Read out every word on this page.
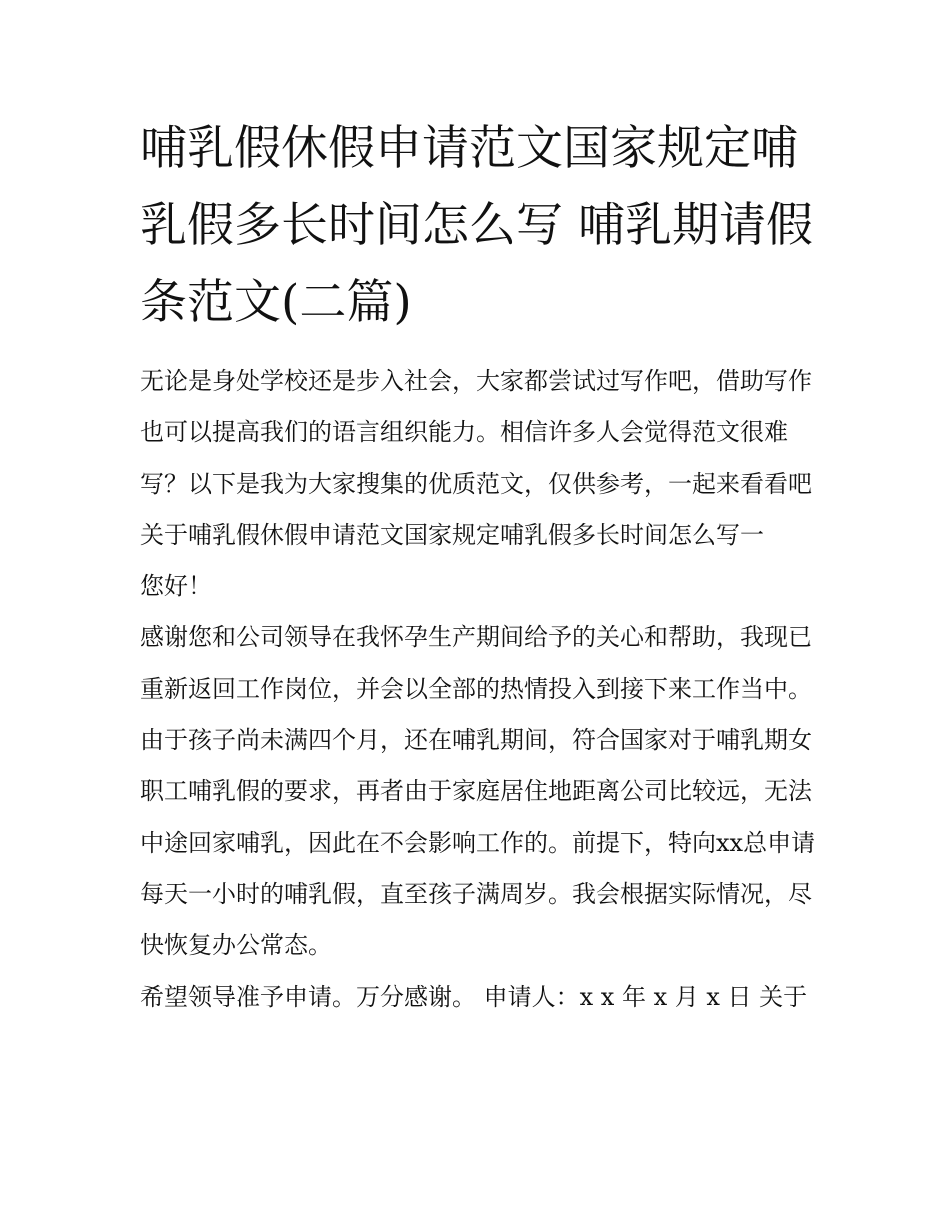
哺乳假休假申请范文国家规定哺乳假多长时间怎么写 哺乳期请假条范文(二篇)

无论是身处学校还是步入社会，大家都尝试过写作吧，借助写作也可以提高我们的语言组织能力。相信许多人会觉得范文很难写？以下是我为大家搜集的优质范文，仅供参考，一起来看看吧

关于哺乳假休假申请范文国家规定哺乳假多长时间怎么写一

您好！

感谢您和公司领导在我怀孕生产期间给予的关心和帮助，我现已重新返回工作岗位，并会以全部的热情投入到接下来工作当中。

由于孩子尚未满四个月，还在哺乳期间，符合国家对于哺乳期女职工哺乳假的要求，再者由于家庭居住地距离公司比较远，无法中途回家哺乳，因此在不会影响工作的。前提下，特向xx总申请每天一小时的哺乳假，直至孩子满周岁。我会根据实际情况，尽快恢复办公常态。

希望领导准予申请。万分感谢。 申请人：x x 年 x 月 x 日 关于
